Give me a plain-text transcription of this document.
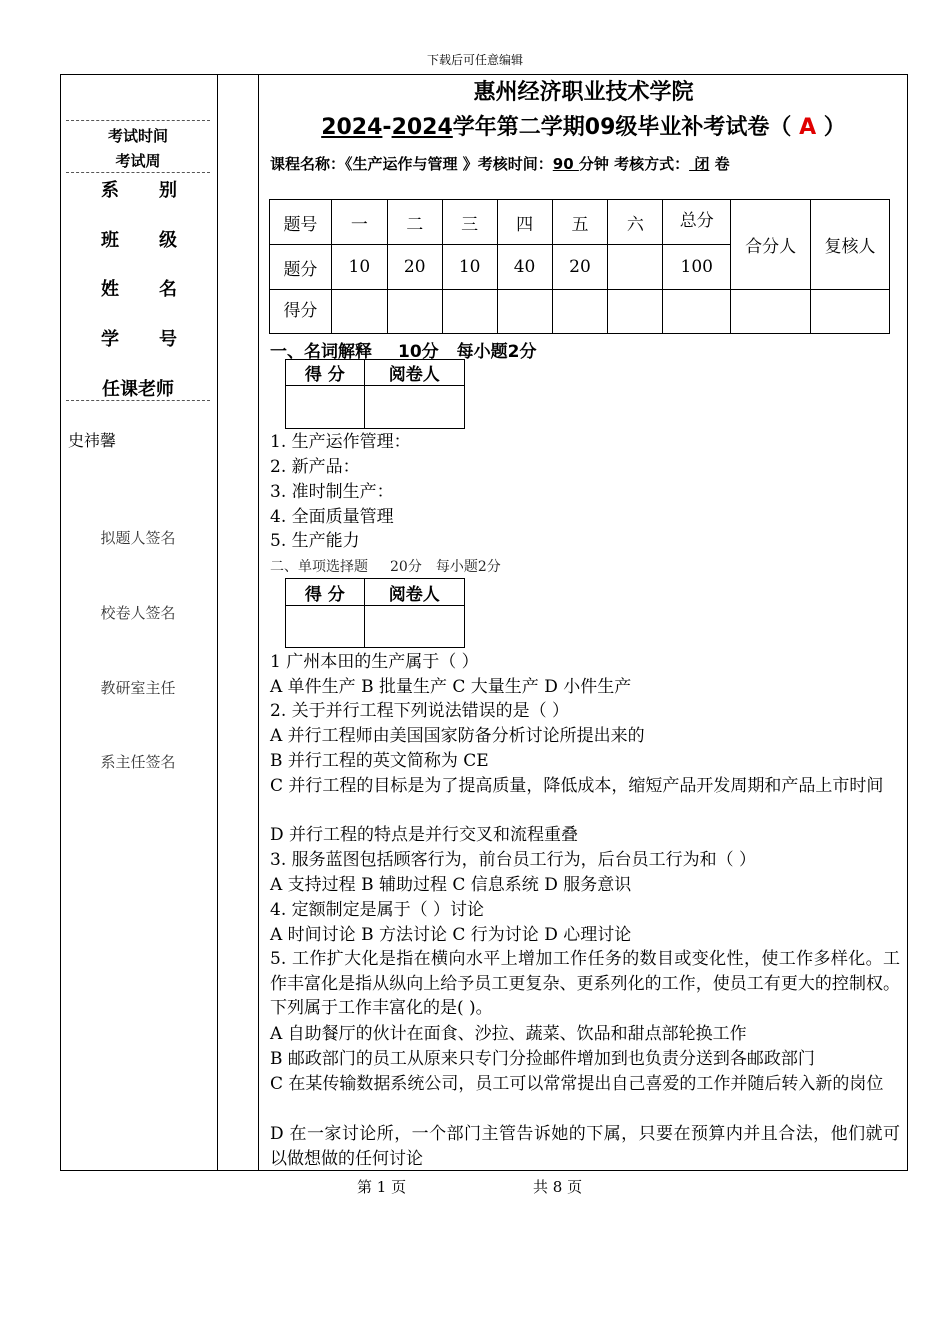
下载后可任意编辑
考试时间
考试周
系 别
班 级
姓 名
学 号
任课老师
史祎馨
拟题人签名
校卷人签名
教研室主任
系主任签名
惠州经济职业技术学院
2024-2024学年第二学期09级毕业补考试卷（ A ）
课程名称：《生产运作与管理 》考核时间：90 分钟 考核方式： 闭 卷
题号	一	二	三	四	五	六	总分	合分人	复核人
题分	10	20	10	40	20		100		
得分									
一、名词解释 10分 每小题2分
得 分	阅卷人

1. 生产运作管理：
2. 新产品：
3. 准时制生产：
4. 全面质量管理
5. 生产能力
二、单项选择题 20分 每小题2分
得 分	阅卷人

1 广州本田的生产属于（ ）
A 单件生产 B 批量生产 C 大量生产 D 小件生产
2. 关于并行工程下列说法错误的是（ ）
A 并行工程师由美国国家防备分析讨论所提出来的
B 并行工程的英文简称为 CE
C 并行工程的目标是为了提高质量，降低成本，缩短产品开发周期和产品上市时间
D 并行工程的特点是并行交叉和流程重叠
3. 服务蓝图包括顾客行为，前台员工行为，后台员工行为和（ ）
A 支持过程 B 辅助过程 C 信息系统 D 服务意识
4. 定额制定是属于（ ）讨论
A 时间讨论 B 方法讨论 C 行为讨论 D 心理讨论
5. 工作扩大化是指在横向水平上增加工作任务的数目或变化性，使工作多样化。工作丰富化是指从纵向上给予员工更复杂、更系列化的工作，使员工有更大的控制权。下列属于工作丰富化的是( )。
A 自助餐厅的伙计在面食、沙拉、蔬菜、饮品和甜点部轮换工作
B 邮政部门的员工从原来只专门分捡邮件增加到也负责分送到各邮政部门
C 在某传输数据系统公司，员工可以常常提出自己喜爱的工作并随后转入新的岗位
D 在一家讨论所，一个部门主管告诉她的下属，只要在预算内并且合法，他们就可以做想做的任何讨论
第 1 页	共 8 页
